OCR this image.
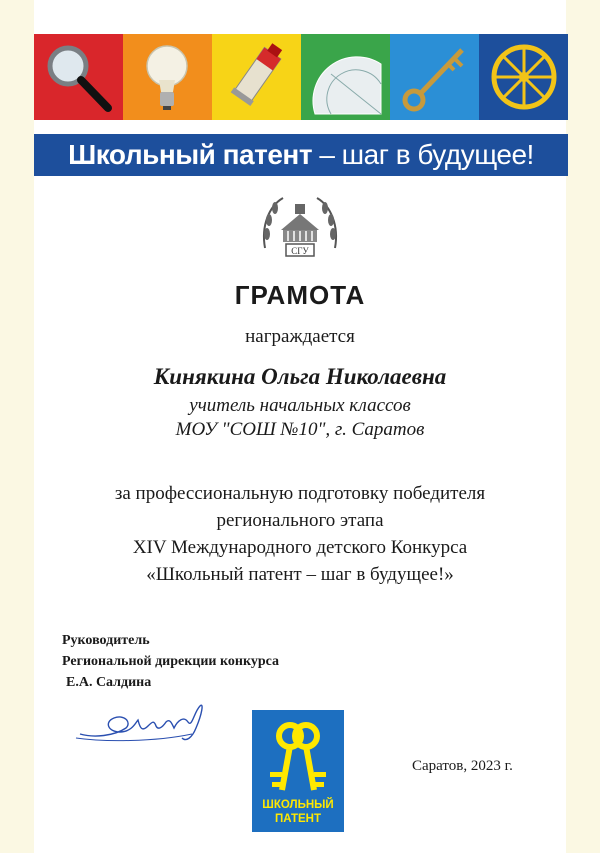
Школьный патент – шаг в будущее!
СГУ
ГРАМОТА
награждается
Кинякина Ольга Николаевна
учитель начальных классов
МОУ "СОШ №10", г. Саратов
за профессиональную подготовку победителя
регионального этапа
XIV Международного детского Конкурса
«Школьный патент – шаг в будущее!»
Руководитель
Региональной дирекции конкурса
Е.А. Салдина
ШКОЛЬНЫЙ
ПАТЕНТ
Саратов, 2023 г.
